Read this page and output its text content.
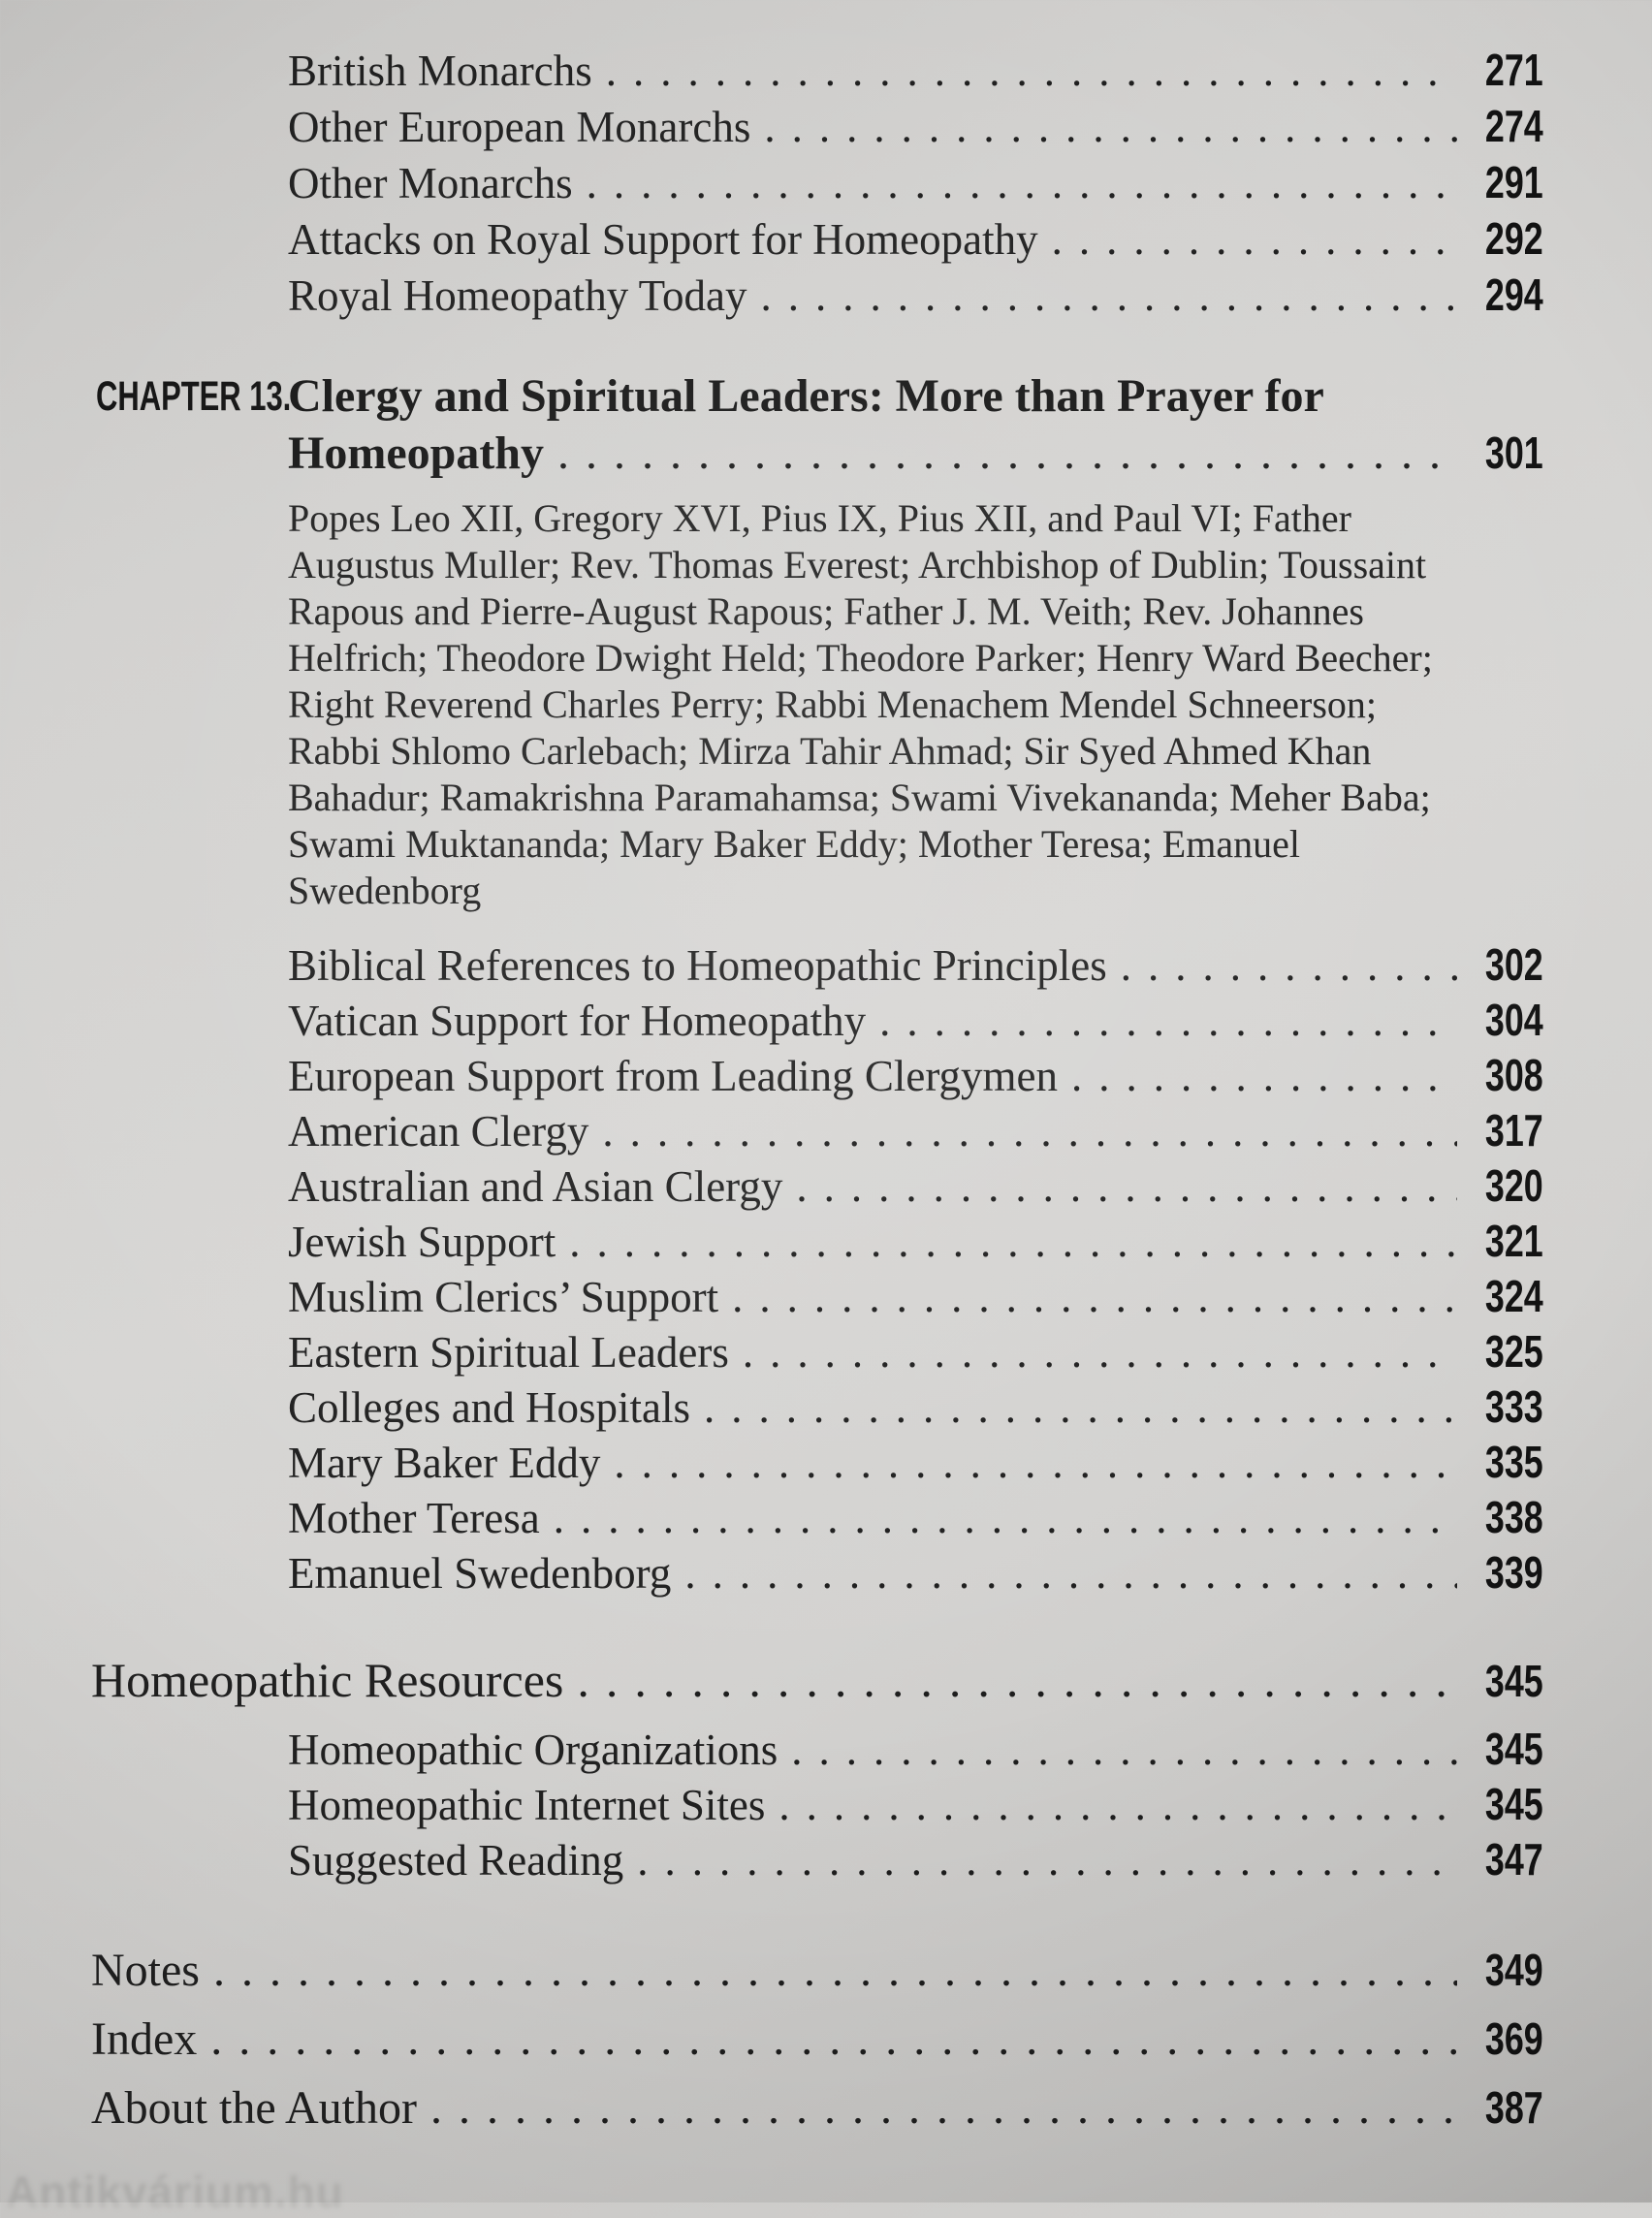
British Monarchs .....	271
Other European Monarchs .....	274
Other Monarchs .....	291
Attacks on Royal Support for Homeopathy .....	292
Royal Homeopathy Today .....	294
CHAPTER 13.
Clergy and Spiritual Leaders: More than Prayer for
Homeopathy .....	301

Popes Leo XII, Gregory XVI, Pius IX, Pius XII, and Paul VI; Father Augustus Muller; Rev. Thomas Everest; Archbishop of Dublin; Toussaint Rapous and Pierre-August Rapous; Father J. M. Veith; Rev. Johannes Helfrich; Theodore Dwight Held; Theodore Parker; Henry Ward Beecher; Right Reverend Charles Perry; Rabbi Menachem Mendel Schneerson; Rabbi Shlomo Carlebach; Mirza Tahir Ahmad; Sir Syed Ahmed Khan Bahadur; Ramakrishna Paramahamsa; Swami Vivekananda; Meher Baba; Swami Muktananda; Mary Baker Eddy; Mother Teresa; Emanuel Swedenborg

Biblical References to Homeopathic Principles .....	302
Vatican Support for Homeopathy .....	304
European Support from Leading Clergymen .....	308
American Clergy .....	317
Australian and Asian Clergy .....	320
Jewish Support .....	321
Muslim Clerics’ Support .....	324
Eastern Spiritual Leaders .....	325
Colleges and Hospitals .....	333
Mary Baker Eddy .....	335
Mother Teresa .....	338
Emanuel Swedenborg .....	339
Homeopathic Resources .....	345
Homeopathic Organizations .....	345
Homeopathic Internet Sites .....	345
Suggested Reading .....	347
Notes .....	349
Index .....	369
About the Author .....	387
Antikvárium.hu
